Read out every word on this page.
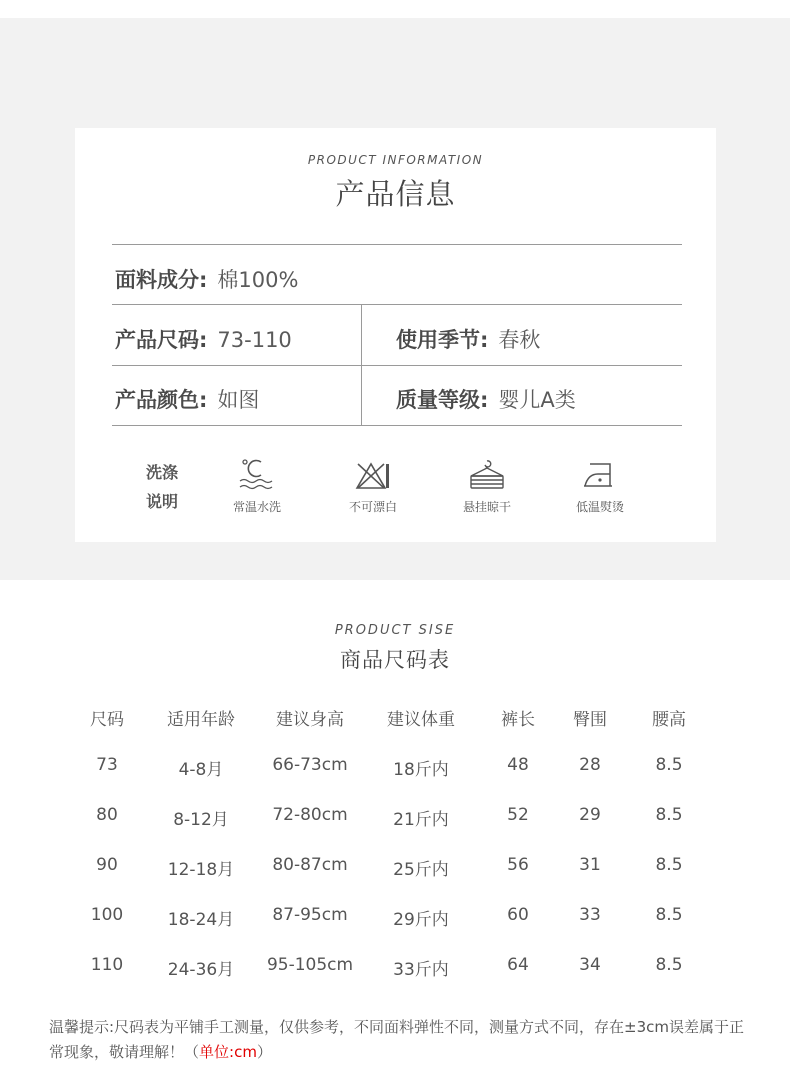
PRODUCT INFORMATION
产品信息
面料成分: 棉100%
产品尺码: 73-110	使用季节: 春秋
产品颜色: 如图	质量等级: 婴儿A类
洗涤
说明	常温水洗	不可漂白	悬挂晾干	低温熨烫
PRODUCT SISE
商品尺码表
尺码	适用年龄 建议身高	建议体重	裤长 臀围	腰高
73	4-8月	66-73cm	18斤内	48	28	8.5
80	8-12月	72-80cm	21斤内	52	29	8.5
90	12-18月 80-87cm	25斤内	56	31	8.5
100	18-24月 87-95cm	29斤内	60	33	8.5
110	24-36月 95-105cm 33斤内	64	34	8.5
温馨提示:尺码表为平铺手工测量，仅供参考，不同面料弹性不同，测量方式不同，存在±3cm误差属于正常现象，敬请理解！（单位:cm）
